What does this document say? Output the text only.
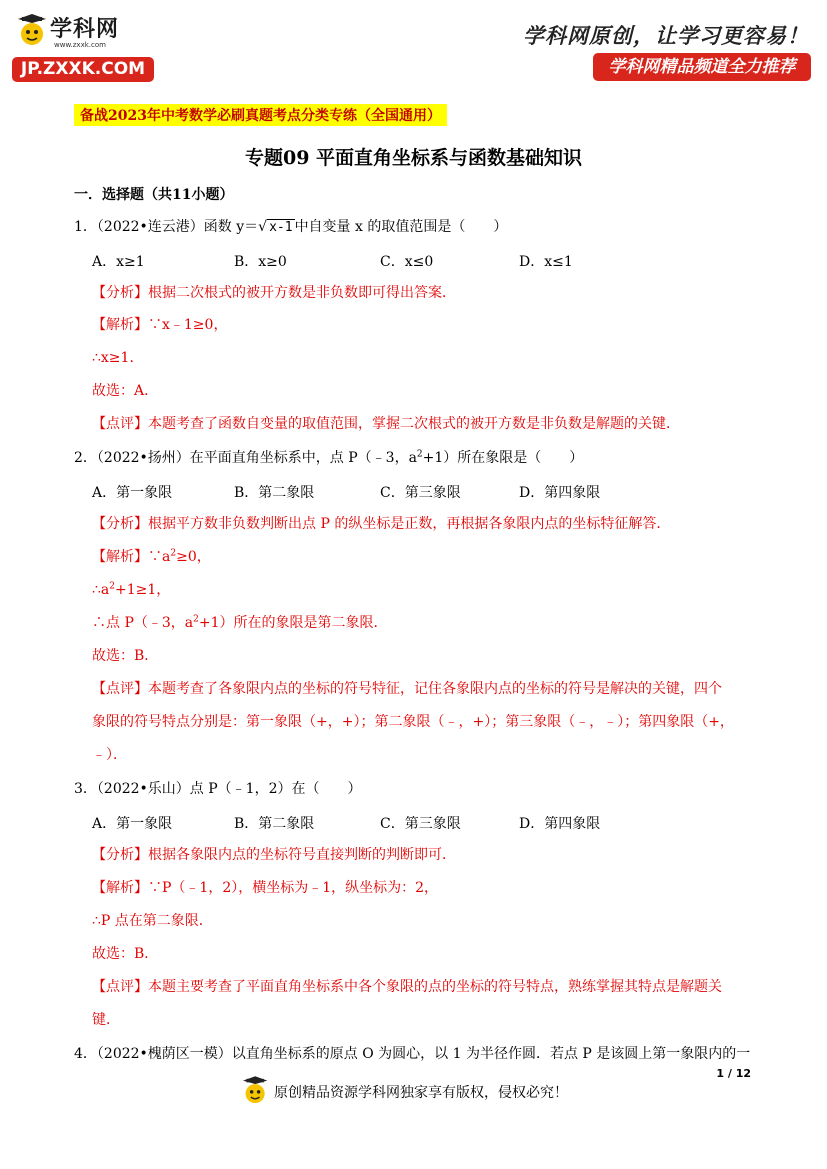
学科网
www.zxxk.com
JP.ZXXK.COM
学科网原创，让学习更容易！
学科网精品频道全力推荐
备战2023年中考数学必刷真题考点分类专练（全国通用）
专题09 平面直角坐标系与函数基础知识
一．选择题（共11小题）
1．（2022•连云港）函数 y＝√ x-1 中自变量 x 的取值范围是（　　）
A．x≥1	B．x≥0	C．x≤0	D．x≤1
【分析】根据二次根式的被开方数是非负数即可得出答案．
【解析】∵x﹣1≥0，
∴x≥1．
故选：A．
【点评】本题考查了函数自变量的取值范围，掌握二次根式的被开方数是非负数是解题的关键．
2．（2022•扬州）在平面直角坐标系中，点 P（﹣3，$a^2+1$）所在象限是（　　）
A．第一象限	B．第二象限	C．第三象限	D．第四象限
【分析】根据平方数非负数判断出点 P 的纵坐标是正数，再根据各象限内点的坐标特征解答．
【解析】$\because a^2\ge 0$，
$\therefore a^2+1\ge 1$，
∴点 P（﹣3，$a^2+1$）所在的象限是第二象限．
故选：B．
【点评】本题考查了各象限内点的坐标的符号特征，记住各象限内点的坐标的符号是解决的关键，四个
象限的符号特点分别是：第一象限（+，+）；第二象限（﹣，+）；第三象限（﹣，﹣）；第四象限（+，
﹣）．
3．（2022•乐山）点 P（﹣1，2）在（　　）
A．第一象限	B．第二象限	C．第三象限	D．第四象限
【分析】根据各象限内点的坐标符号直接判断的判断即可．
【解析】∵P（﹣1，2），横坐标为﹣1，纵坐标为：2，
∴P 点在第二象限．
故选：B．
【点评】本题主要考查了平面直角坐标系中各个象限的点的坐标的符号特点，熟练掌握其特点是解题关
键．
4．（2022•槐荫区一模）以直角坐标系的原点 O 为圆心，以 1 为半径作圆．若点 P 是该圆上第一象限内的一
1 / 12
原创精品资源学科网独家享有版权，侵权必究！
